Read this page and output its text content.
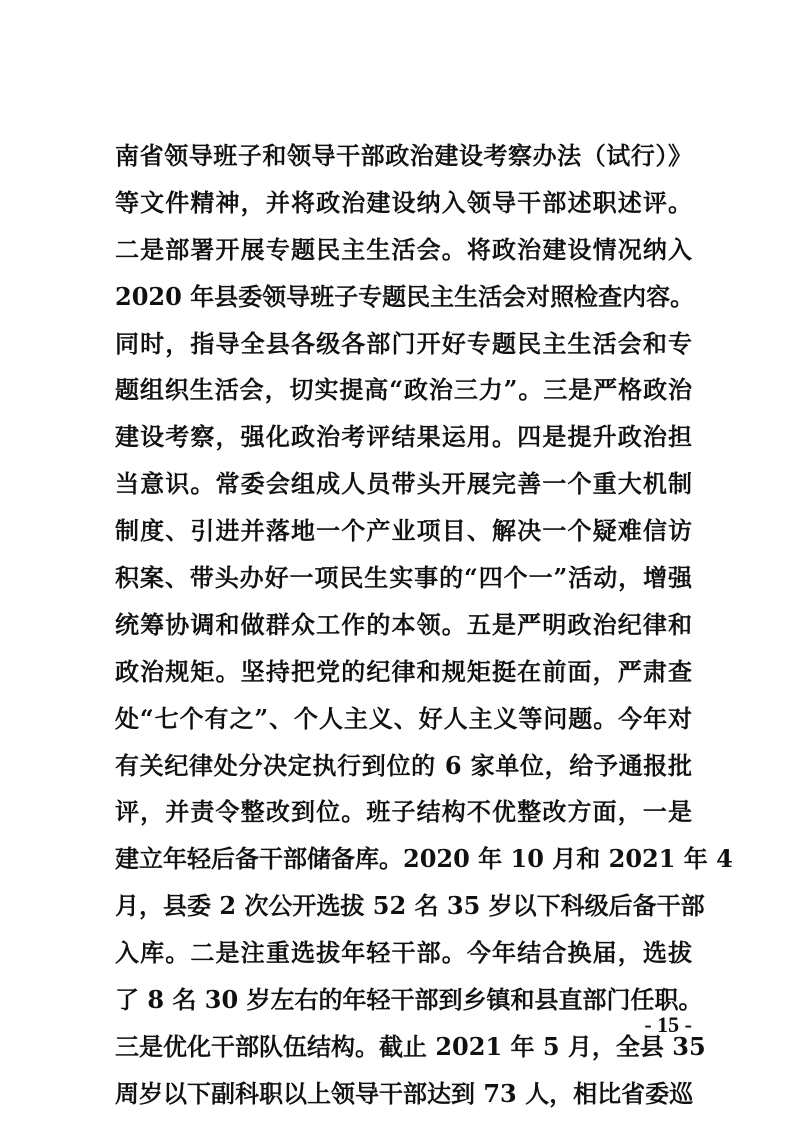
南省领导班子和领导干部政治建设考察办法（试行）》
等文件精神，并将政治建设纳入领导干部述职述评。
二是部署开展专题民主生活会。将政治建设情况纳入
2020 年县委领导班子专题民主生活会对照检查内容。
同时，指导全县各级各部门开好专题民主生活会和专
题组织生活会，切实提高“政治三力”。三是严格政治
建设考察，强化政治考评结果运用。四是提升政治担
当意识。常委会组成人员带头开展完善一个重大机制
制度、引进并落地一个产业项目、解决一个疑难信访
积案、带头办好一项民生实事的“四个一”活动，增强
统筹协调和做群众工作的本领。五是严明政治纪律和
政治规矩。坚持把党的纪律和规矩挺在前面，严肃查
处“七个有之”、个人主义、好人主义等问题。今年对
有关纪律处分决定执行到位的 6 家单位，给予通报批
评，并责令整改到位。班子结构不优整改方面，一是
建立年轻后备干部储备库。2020 年 10 月和 2021 年 4
月，县委 2 次公开选拔 52 名 35 岁以下科级后备干部
入库。二是注重选拔年轻干部。今年结合换届，选拔
了 8 名 30 岁左右的年轻干部到乡镇和县直部门任职。
三是优化干部队伍结构。截止 2021 年 5 月，全县 35
周岁以下副科职以上领导干部达到 73 人，相比省委巡
- 15 -
